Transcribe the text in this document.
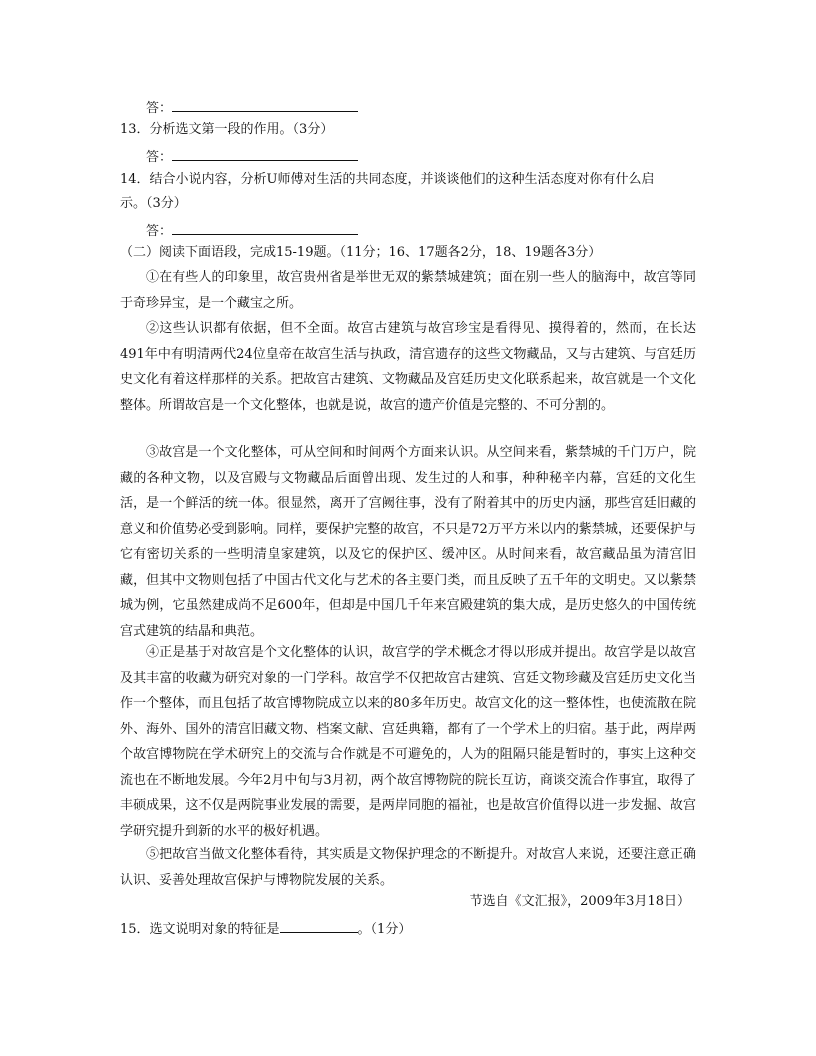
答：
13．分析选文第一段的作用。（3分）
答：
14．结合小说内容，分析U师傅对生活的共同态度，并谈谈他们的这种生活态度对你有什么启
示。（3分）
答：
（二）阅读下面语段，完成15-19题。（11分；16、17题各2分，18、19题各3分）
①在有些人的印象里，故宫贵州省是举世无双的紫禁城建筑；面在别一些人的脑海中，故宫等同于奇珍异宝，是一个藏宝之所。
②这些认识都有依据，但不全面。故宫古建筑与故宫珍宝是看得见、摸得着的，然而，在长达491年中有明清两代24位皇帝在故宫生活与执政，清宫遗存的这些文物藏品，又与古建筑、与宫廷历史文化有着这样那样的关系。把故宫古建筑、文物藏品及宫廷历史文化联系起来，故宫就是一个文化整体。所谓故宫是一个文化整体，也就是说，故宫的遗产价值是完整的、不可分割的。
③故宫是一个文化整体，可从空间和时间两个方面来认识。从空间来看，紫禁城的千门万户，院藏的各种文物，以及宫殿与文物藏品后面曾出现、发生过的人和事，种种秘辛内幕，宫廷的文化生活，是一个鲜活的统一体。很显然，离开了宫阙往事，没有了附着其中的历史内涵，那些宫廷旧藏的意义和价值势必受到影响。同样，要保护完整的故宫，不只是72万平方米以内的紫禁城，还要保护与它有密切关系的一些明清皇家建筑，以及它的保护区、缓冲区。从时间来看，故宫藏品虽为清宫旧藏，但其中文物则包括了中国古代文化与艺术的各主要门类，而且反映了五千年的文明史。又以紫禁城为例，它虽然建成尚不足600年，但却是中国几千年来宫殿建筑的集大成，是历史悠久的中国传统宫式建筑的结晶和典范。
④正是基于对故宫是个文化整体的认识，故宫学的学术概念才得以形成并提出。故宫学是以故宫及其丰富的收藏为研究对象的一门学科。故宫学不仅把故宫古建筑、宫廷文物珍藏及宫廷历史文化当作一个整体，而且包括了故宫博物院成立以来的80多年历史。故宫文化的这一整体性，也使流散在院外、海外、国外的清宫旧藏文物、档案文献、宫廷典籍，都有了一个学术上的归宿。基于此，两岸两个故宫博物院在学术研究上的交流与合作就是不可避免的，人为的阻隔只能是暂时的，事实上这种交流也在不断地发展。今年2月中旬与3月初，两个故宫博物院的院长互访，商谈交流合作事宜，取得了丰硕成果，这不仅是两院事业发展的需要，是两岸同胞的福祉，也是故宫价值得以进一步发掘、故宫学研究提升到新的水平的极好机遇。
⑤把故宫当做文化整体看待，其实质是文物保护理念的不断提升。对故宫人来说，还要注意正确认识、妥善处理故宫保护与博物院发展的关系。
节选自《文汇报》，2009年3月18日）
15．选文说明对象的特征是	。（1分）
